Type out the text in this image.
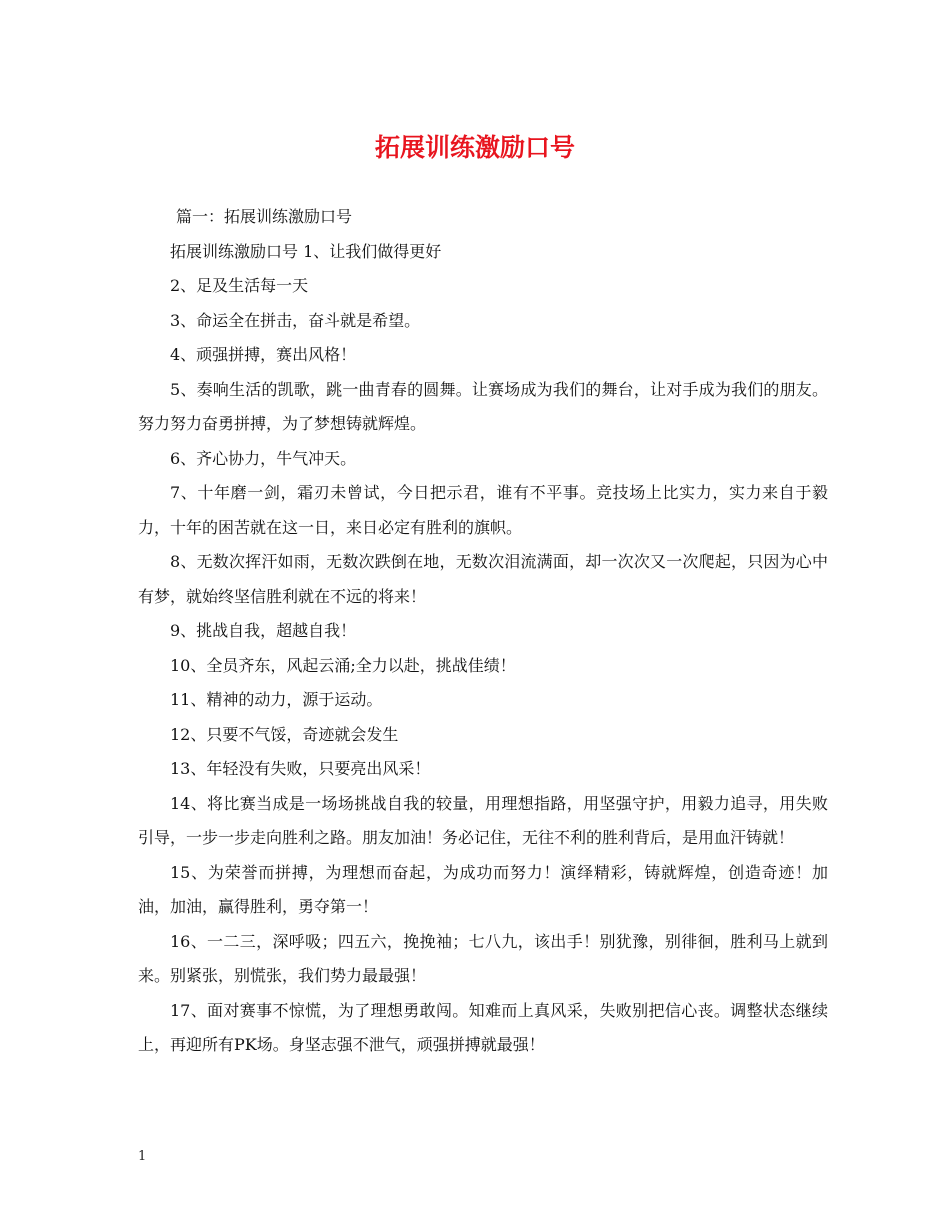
拓展训练激励口号

篇一：拓展训练激励口号

拓展训练激励口号 1、让我们做得更好

2、足及生活每一天

3、命运全在拼击，奋斗就是希望。

4、顽强拼搏，赛出风格！

5、奏响生活的凯歌，跳一曲青春的圆舞。让赛场成为我们的舞台，让对手成为我们的朋友。努力努力奋勇拼搏，为了梦想铸就辉煌。

6、齐心协力，牛气冲天。

7、十年磨一剑，霜刃未曾试，今日把示君，谁有不平事。竞技场上比实力，实力来自于毅力，十年的困苦就在这一日，来日必定有胜利的旗帜。

8、无数次挥汗如雨，无数次跌倒在地，无数次泪流满面，却一次次又一次爬起，只因为心中有梦，就始终坚信胜利就在不远的将来！

9、挑战自我，超越自我！

10、全员齐东，风起云涌;全力以赴，挑战佳绩！

11、精神的动力，源于运动。

12、只要不气馁，奇迹就会发生

13、年轻没有失败，只要亮出风采！

14、将比赛当成是一场场挑战自我的较量，用理想指路，用坚强守护，用毅力追寻，用失败引导，一步一步走向胜利之路。朋友加油！务必记住，无往不利的胜利背后，是用血汗铸就！

15、为荣誉而拼搏，为理想而奋起，为成功而努力！演绎精彩，铸就辉煌，创造奇迹！加油，加油，赢得胜利，勇夺第一！

16、一二三，深呼吸；四五六，挽挽袖；七八九，该出手！别犹豫，别徘徊，胜利马上就到来。别紧张，别慌张，我们势力最最强！

17、面对赛事不惊慌，为了理想勇敢闯。知难而上真风采，失败别把信心丧。调整状态继续上，再迎所有PK场。身坚志强不泄气，顽强拼搏就最强！

1
